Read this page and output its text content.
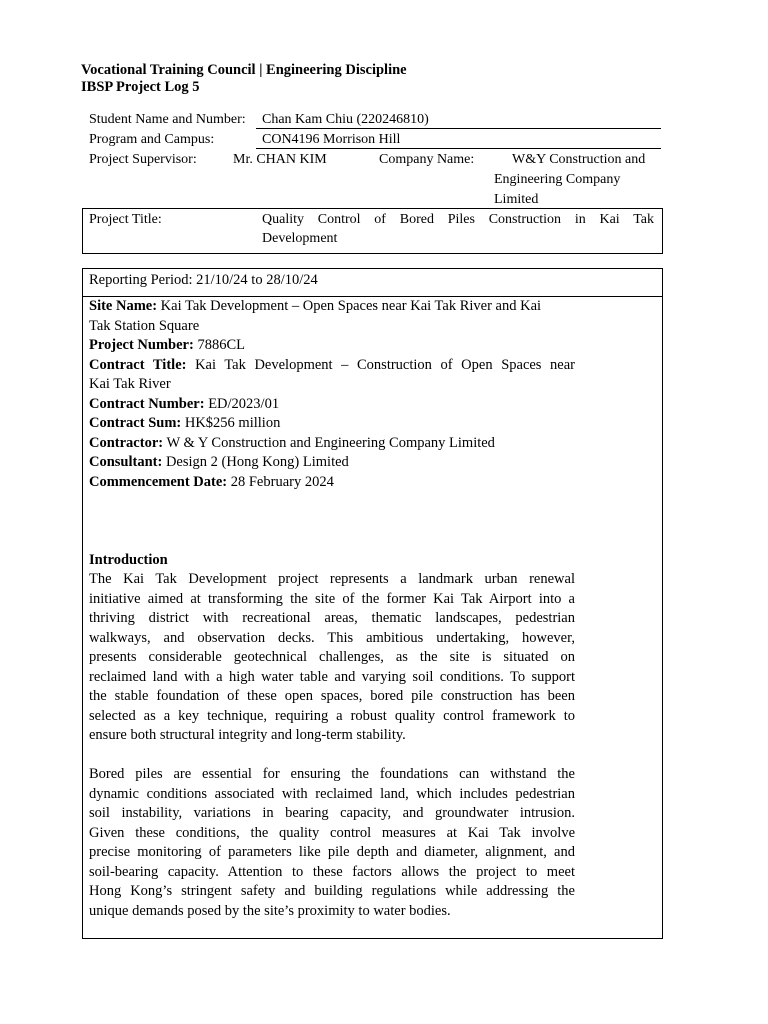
Vocational Training Council | Engineering Discipline
IBSP Project Log 5
Student Name and Number: Chan Kam Chiu (220246810)
Program and Campus:	CON4196 Morrison Hill
Project Supervisor:	Mr. CHAN KIM	Company Name:	W&Y Construction and
Engineering Company
Limited
Project Title:	Quality Control of Bored Piles Construction in Kai Tak
Development
Reporting Period: 21/10/24 to 28/10/24
Site Name: Kai Tak Development – Open Spaces near Kai Tak River and Kai
Tak Station Square
Project Number: 7886CL
Contract Title: Kai Tak Development – Construction of Open Spaces near
Kai Tak River
Contract Number: ED/2023/01
Contract Sum: HK$256 million
Contractor: W & Y Construction and Engineering Company Limited
Consultant: Design 2 (Hong Kong) Limited
Commencement Date: 28 February 2024
Introduction
The Kai Tak Development project represents a landmark urban renewal
initiative aimed at transforming the site of the former Kai Tak Airport into a
thriving district with recreational areas, thematic landscapes, pedestrian
walkways, and observation decks. This ambitious undertaking, however,
presents considerable geotechnical challenges, as the site is situated on
reclaimed land with a high water table and varying soil conditions. To support
the stable foundation of these open spaces, bored pile construction has been
selected as a key technique, requiring a robust quality control framework to
ensure both structural integrity and long-term stability.
Bored piles are essential for ensuring the foundations can withstand the
dynamic conditions associated with reclaimed land, which includes pedestrian
soil instability, variations in bearing capacity, and groundwater intrusion.
Given these conditions, the quality control measures at Kai Tak involve
precise monitoring of parameters like pile depth and diameter, alignment, and
soil-bearing capacity. Attention to these factors allows the project to meet
Hong Kong’s stringent safety and building regulations while addressing the
unique demands posed by the site’s proximity to water bodies.
